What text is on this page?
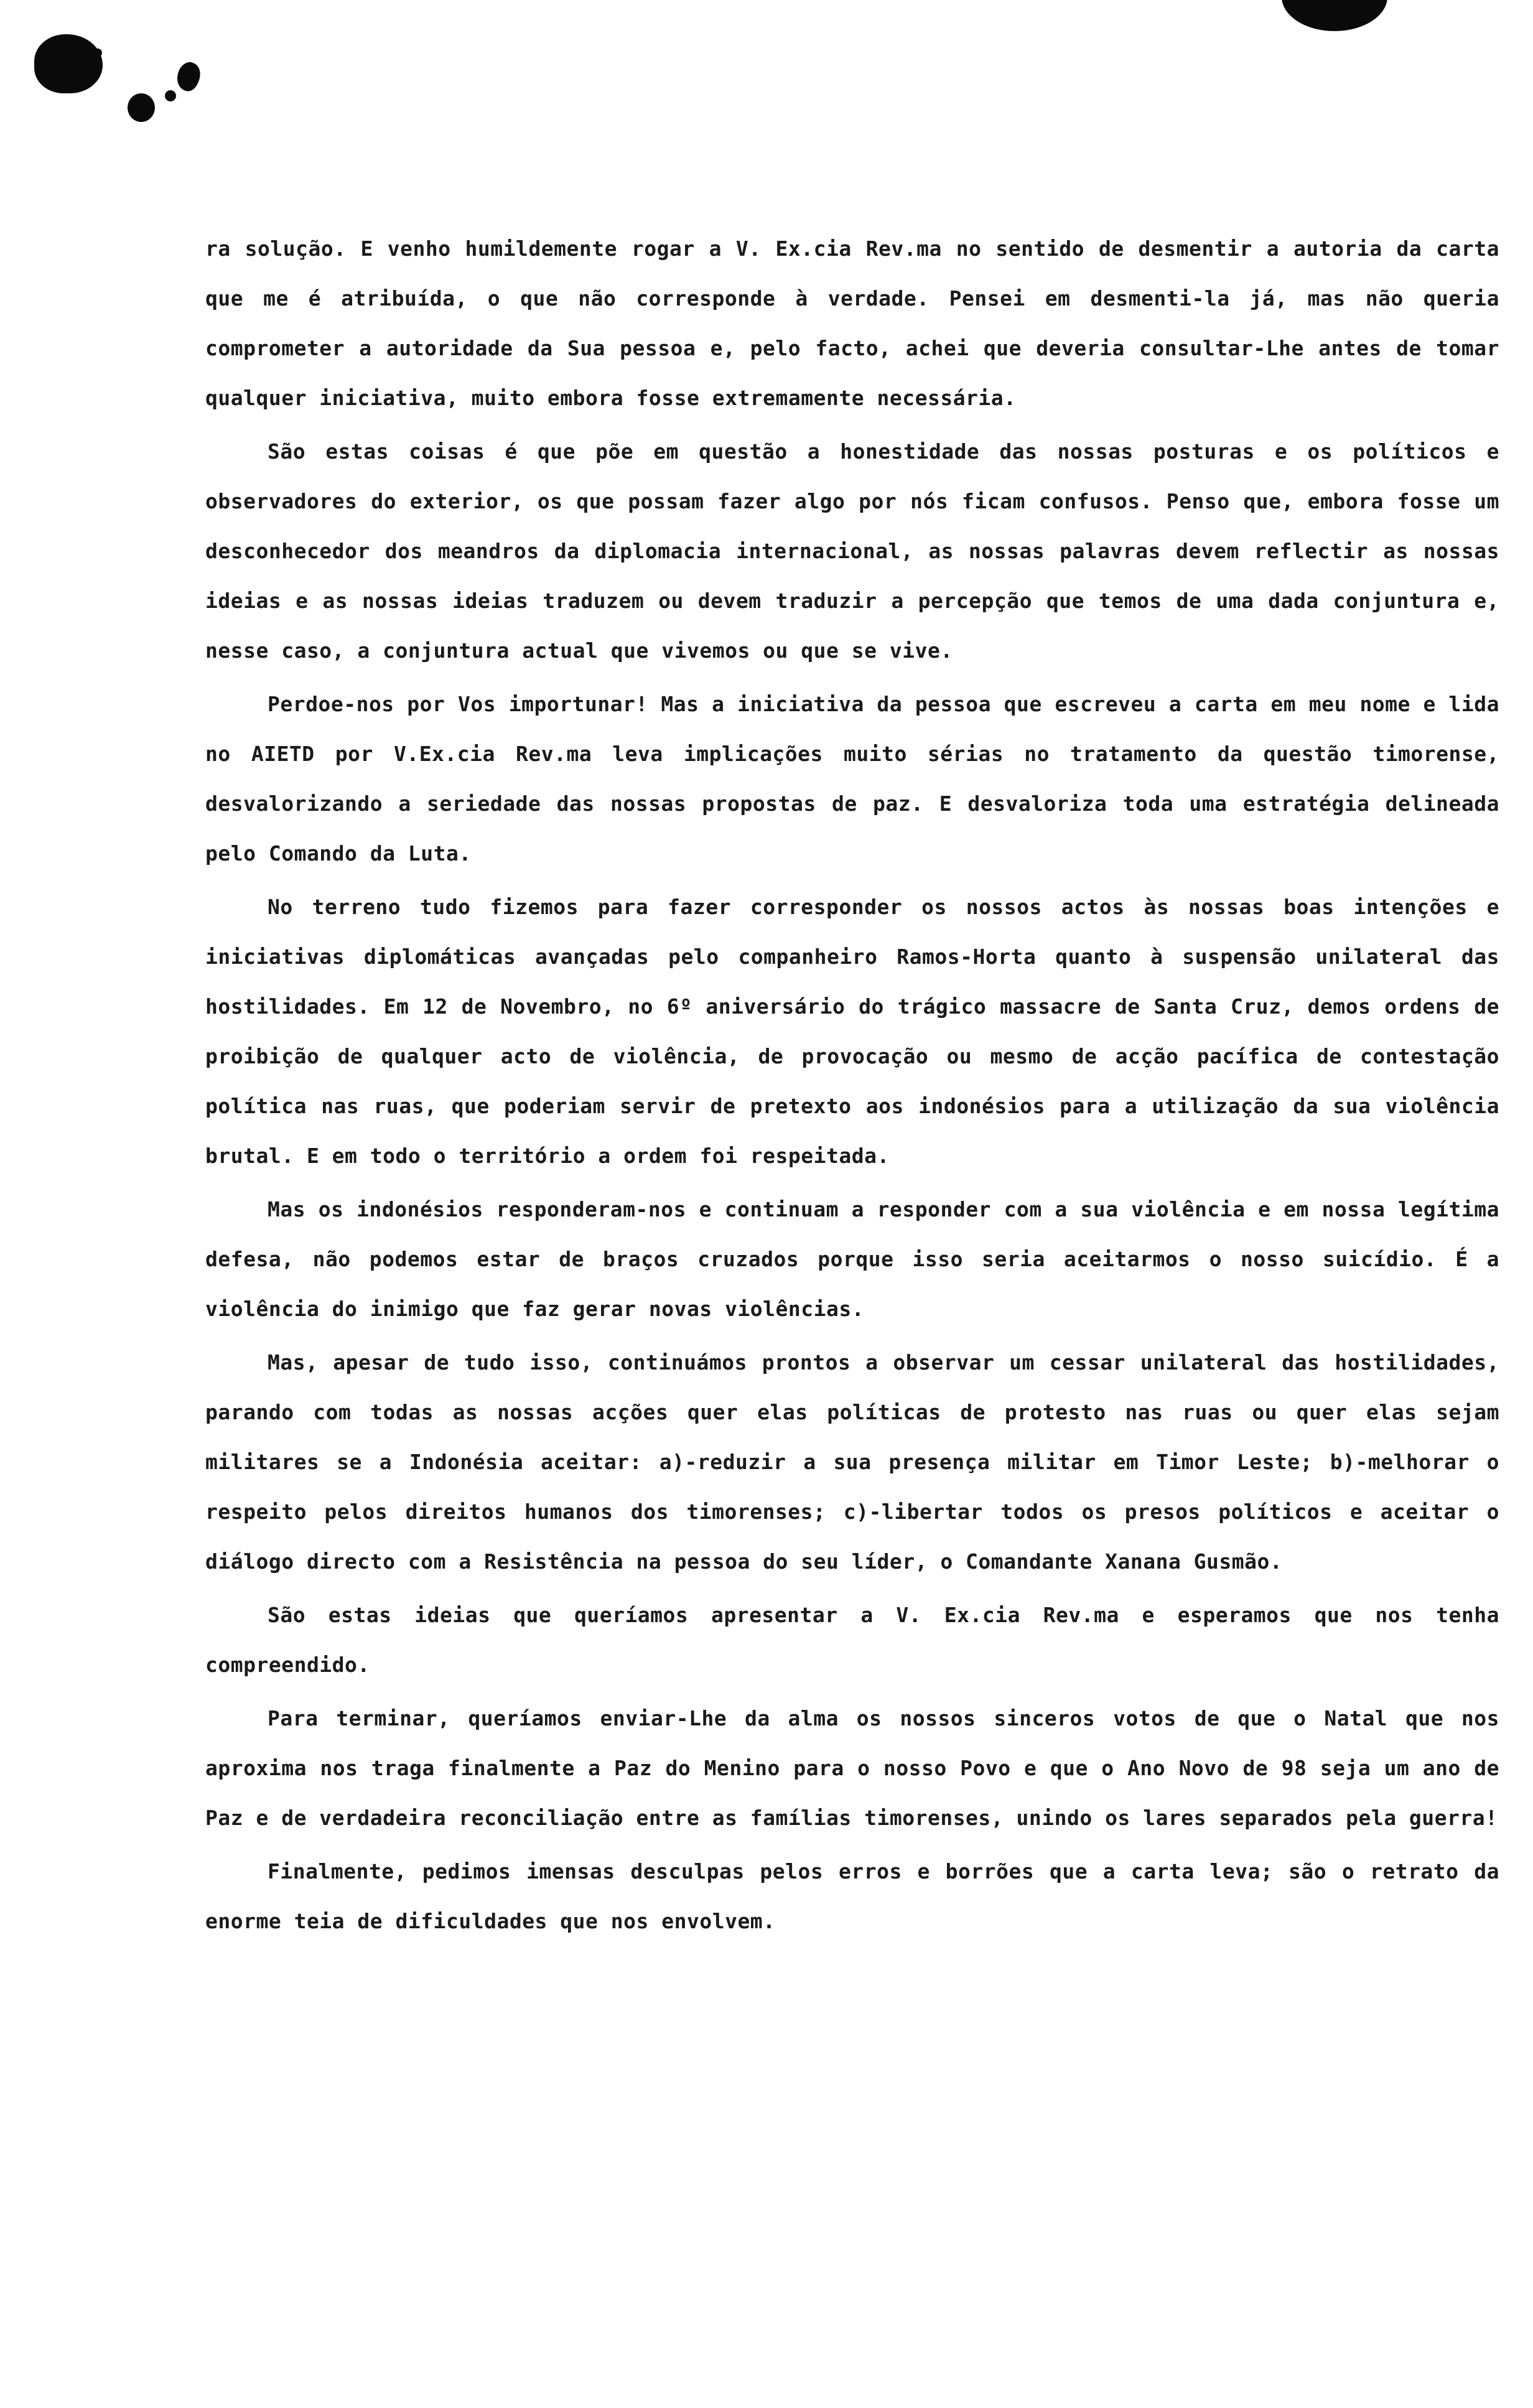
ra solução. E venho humildemente rogar a V. Ex.cia Rev.ma no sentido de desmentir a autoria da carta que me é atribuída, o que não corresponde à verdade. Pensei em desmenti-la já, mas não queria comprometer a autoridade da Sua pessoa e, pelo facto, achei que deveria consultar-Lhe antes de tomar qualquer iniciativa, muito embora fosse extremamente necessária.

São estas coisas é que põe em questão a honestidade das nossas posturas e os políticos e observadores do exterior, os que possam fazer algo por nós ficam confusos. Penso que, embora fosse um desconhecedor dos meandros da diplomacia internacional, as nossas palavras devem reflectir as nossas ideias e as nossas ideias traduzem ou devem traduzir a percepção que temos de uma dada conjuntura e, nesse caso, a conjuntura actual que vivemos ou que se vive.

Perdoe-nos por Vos importunar! Mas a iniciativa da pessoa que escreveu a carta em meu nome e lida no AIETD por V.Ex.cia Rev.ma leva implicações muito sérias no tratamento da questão timorense, desvalorizando a seriedade das nossas propostas de paz. E desvaloriza toda uma estratégia delineada pelo Comando da Luta.

No terreno tudo fizemos para fazer corresponder os nossos actos às nossas boas intenções e iniciativas diplomáticas avançadas pelo companheiro Ramos-Horta quanto à suspensão unilateral das hostilidades. Em 12 de Novembro, no 6º aniversário do trágico massacre de Santa Cruz, demos ordens de proibição de qualquer acto de violência, de provocação ou mesmo de acção pacífica de contestação política nas ruas, que poderiam servir de pretexto aos indonésios para a utilização da sua violência brutal. E em todo o território a ordem foi respeitada.

Mas os indonésios responderam-nos e continuam a responder com a sua violência e em nossa legítima defesa, não podemos estar de braços cruzados porque isso seria aceitarmos o nosso suicídio. É a violência do inimigo que faz gerar novas violências.

Mas, apesar de tudo isso, continuámos prontos a observar um cessar unilateral das hostilidades, parando com todas as nossas acções quer elas políticas de protesto nas ruas ou quer elas sejam militares se a Indonésia aceitar: a)-reduzir a sua presença militar em Timor Leste; b)-melhorar o respeito pelos direitos humanos dos timorenses; c)-libertar todos os presos políticos e aceitar o diálogo directo com a Resistência na pessoa do seu líder, o Comandante Xanana Gusmão.

São estas ideias que queríamos apresentar a V. Ex.cia Rev.ma e esperamos que nos tenha compreendido.

Para terminar, queríamos enviar-Lhe da alma os nossos sinceros votos de que o Natal que nos aproxima nos traga finalmente a Paz do Menino para o nosso Povo e que o Ano Novo de 98 seja um ano de Paz e de verdadeira reconciliação entre as famílias timorenses, unindo os lares separados pela guerra!

Finalmente, pedimos imensas desculpas pelos erros e borrões que a carta leva; são o retrato da enorme teia de dificuldades que nos envolvem.
